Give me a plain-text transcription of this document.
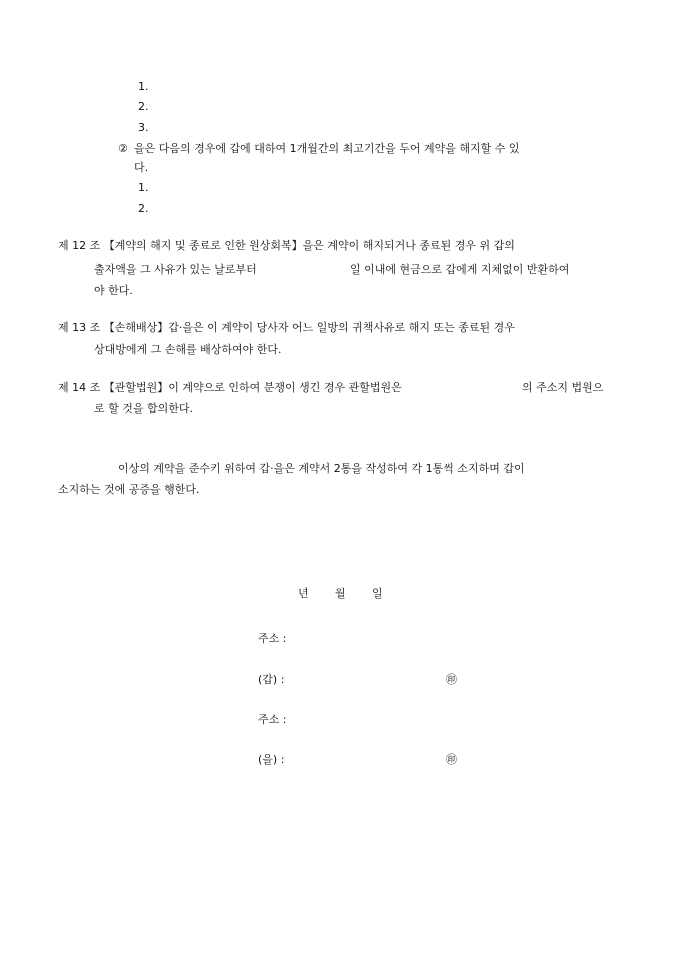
1.
2.
3.
② 을은 다음의 경우에 갑에 대하여 1개월간의 최고기간을 두어 계약을 해지할 수 있
다.
1.
2.
제 12 조 【계약의 해지 및 종료로 인한 원상회복】을은 계약이 해지되거나 종료된 경우 위 갑의
출자액을 그 사유가 있는 날로부터	일 이내에 현금으로 갑에게 지체없이 반환하여
야 한다.
제 13 조 【손해배상】갑·을은 이 계약이 당사자 어느 일방의 귀책사유로 해지 또는 종료된 경우
상대방에게 그 손해를 배상하여야 한다.
제 14 조 【관할법원】이 계약으로 인하여 분쟁이 생긴 경우 관할법원은	의 주소지 법원으
로 할 것을 합의한다.
이상의 계약을 준수키 위하여 갑·을은 계약서 2통을 작성하여 각 1통씩 소지하며 갑이
소지하는 것에 공증을 행한다.
년 월 일
주소 :
(갑) :	㊞
주소 :
(을) :	㊞
